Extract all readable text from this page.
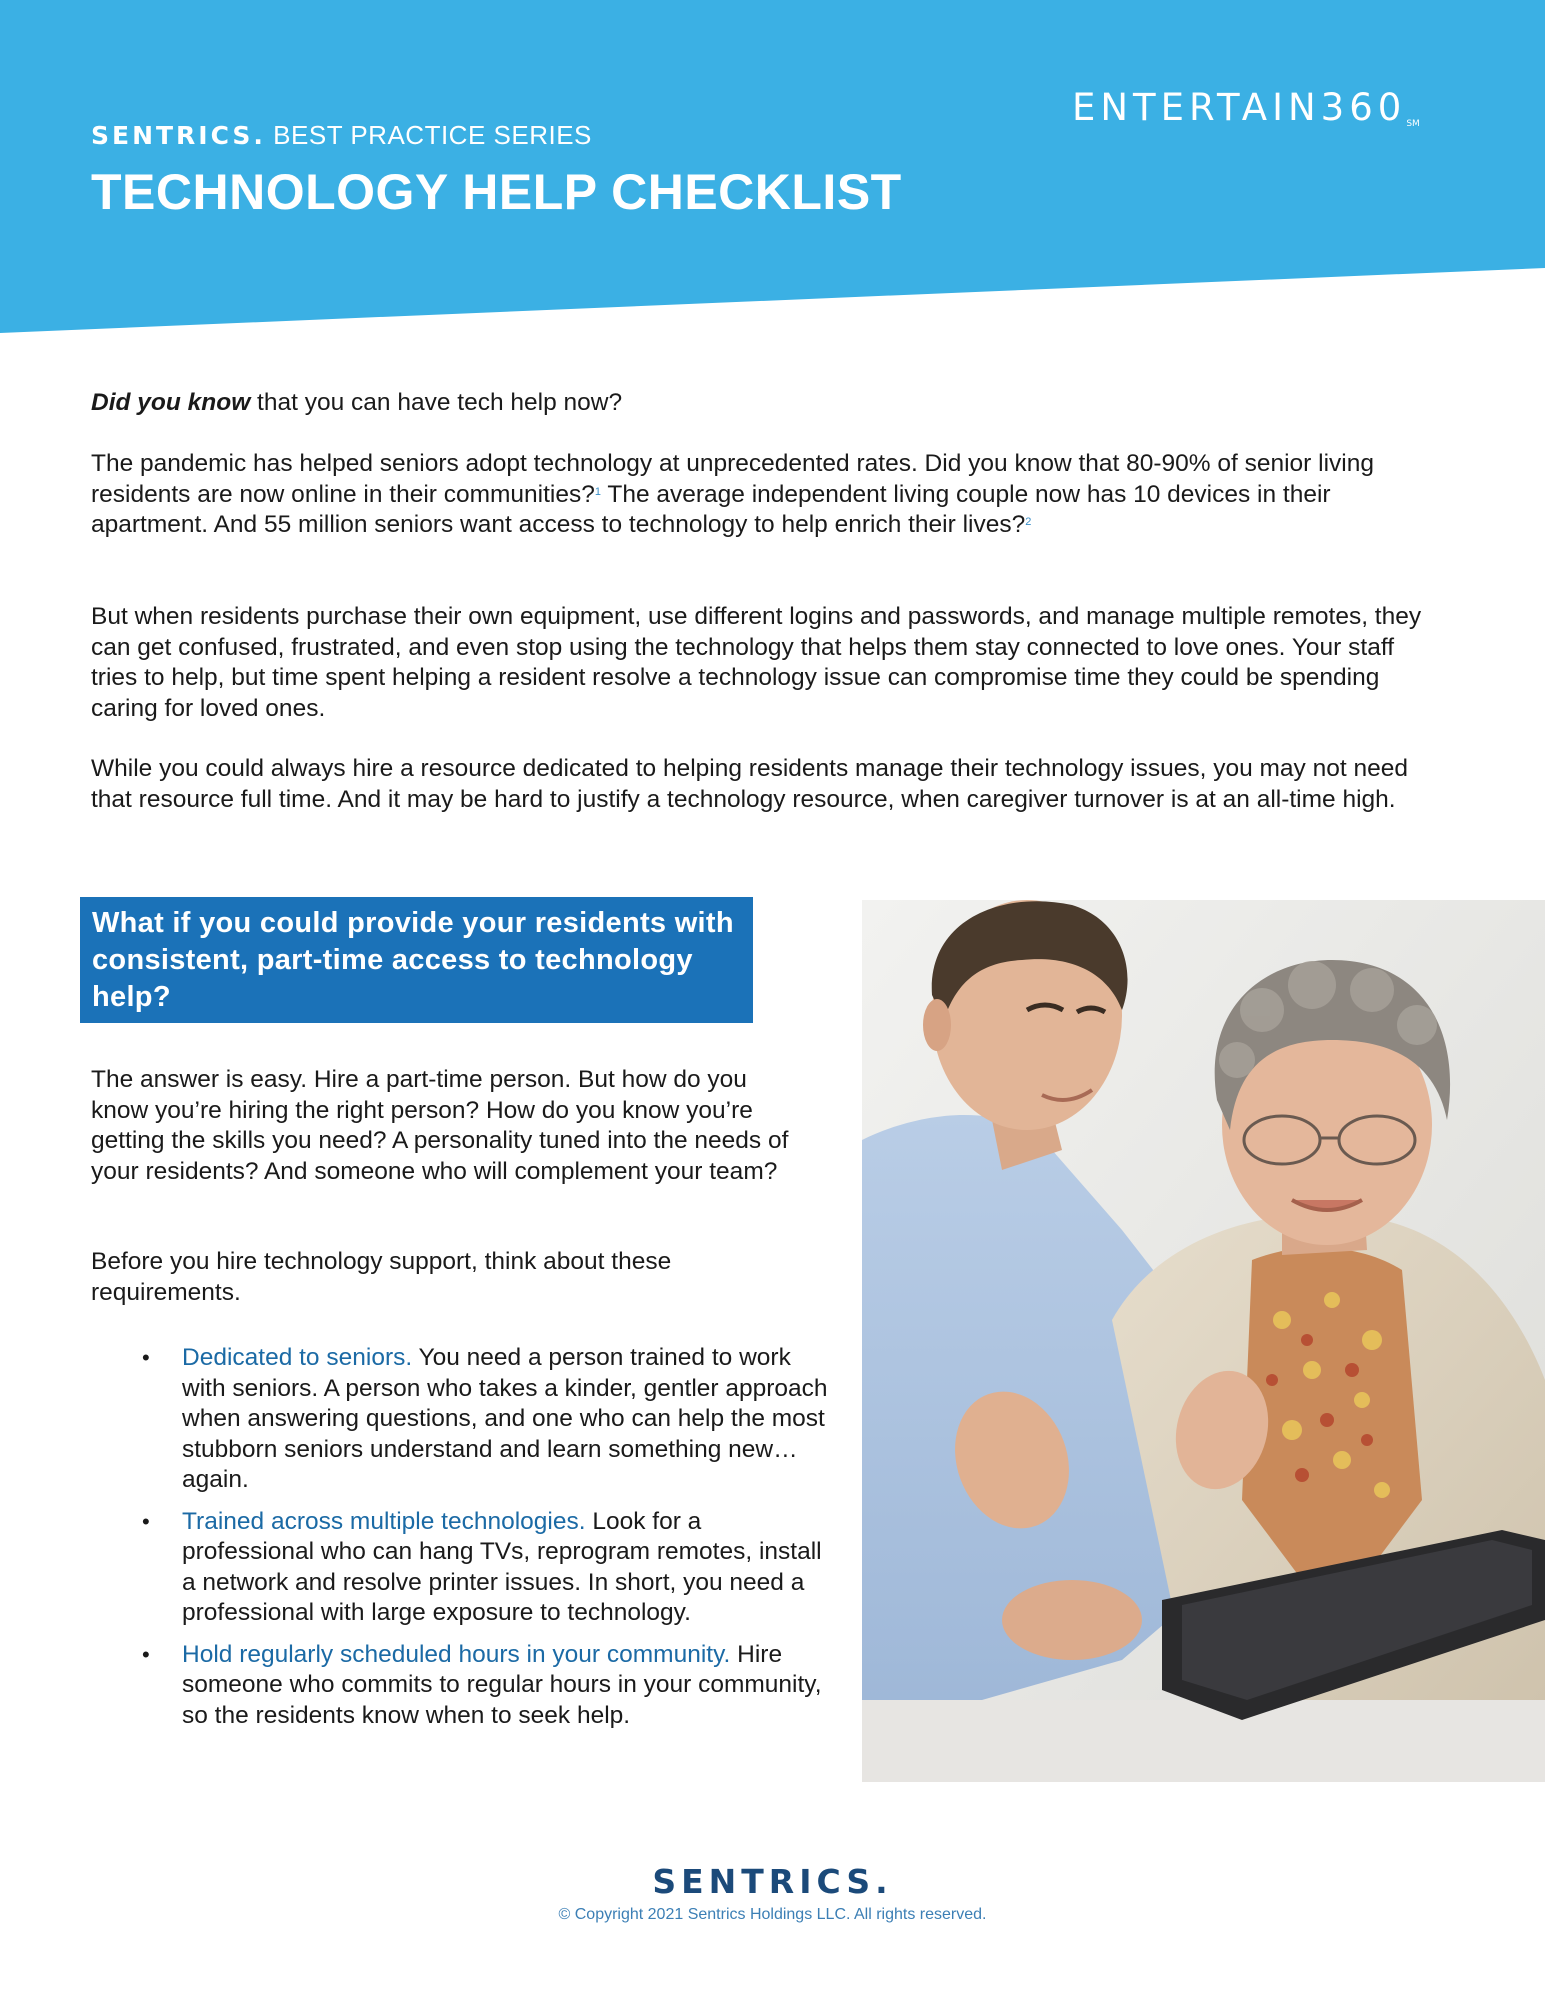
ENTERTAIN360SM
SENTRICS. BEST PRACTICE SERIES
TECHNOLOGY HELP CHECKLIST

Did you know that you can have tech help now?

The pandemic has helped seniors adopt technology at unprecedented rates. Did you know that 80-90% of senior living residents are now online in their communities?$^1$ The average independent living couple now has 10 devices in their apartment. And 55 million seniors want access to technology to help enrich their lives?$^2$

But when residents purchase their own equipment, use different logins and passwords, and manage multiple remotes, they can get confused, frustrated, and even stop using the technology that helps them stay connected to love ones. Your staff tries to help, but time spent helping a resident resolve a technology issue can compromise time they could be spending caring for loved ones.

While you could always hire a resource dedicated to helping residents manage their technology issues, you may not need that resource full time. And it may be hard to justify a technology resource, when caregiver turnover is at an all-time high.

What if you could provide your residents with consistent, part-time access to technology help?

The answer is easy. Hire a part-time person. But how do you know you’re hiring the right person? How do you know you’re getting the skills you need? A personality tuned into the needs of your residents? And someone who will complement your team?

Before you hire technology support, think about these requirements.

• Dedicated to seniors. You need a person trained to work with seniors. A person who takes a kinder, gentler approach when answering questions, and one who can help the most stubborn seniors understand and learn something new…again.
• Trained across multiple technologies. Look for a professional who can hang TVs, reprogram remotes, install a network and resolve printer issues. In short, you need a professional with large exposure to technology.
• Hold regularly scheduled hours in your community. Hire someone who commits to regular hours in your community, so the residents know when to seek help.
SENTRICS.
© Copyright 2021 Sentrics Holdings LLC. All rights reserved.
